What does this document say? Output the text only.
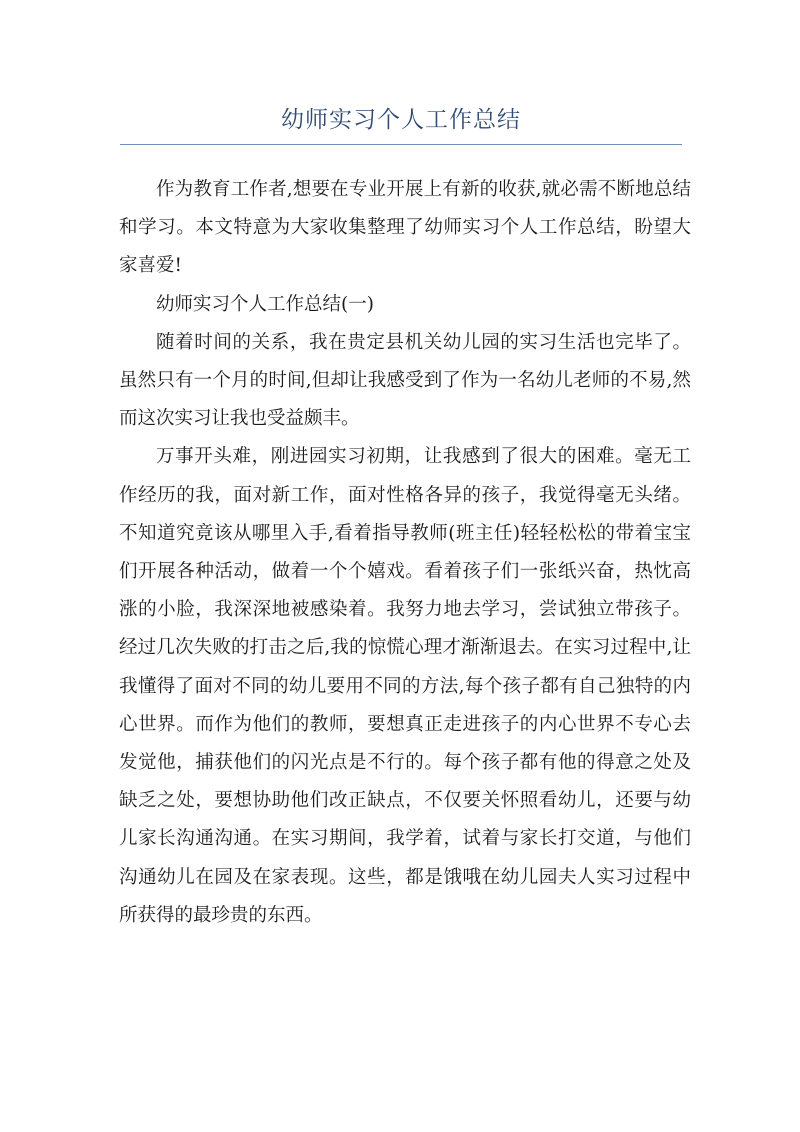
幼师实习个人工作总结

作为教育工作者,想要在专业开展上有新的收获,就必需不断地总结和学习。本文特意为大家收集整理了幼师实习个人工作总结，盼望大家喜爱!

幼师实习个人工作总结(一)

随着时间的关系，我在贵定县机关幼儿园的实习生活也完毕了。虽然只有一个月的时间,但却让我感受到了作为一名幼儿老师的不易,然而这次实习让我也受益颇丰。

万事开头难，刚进园实习初期，让我感到了很大的困难。毫无工作经历的我，面对新工作，面对性格各异的孩子，我觉得毫无头绪。不知道究竟该从哪里入手,看着指导教师(班主任)轻轻松松的带着宝宝们开展各种活动，做着一个个嬉戏。看着孩子们一张纸兴奋，热忱高涨的小脸，我深深地被感染着。我努力地去学习，尝试独立带孩子。经过几次失败的打击之后,我的惊慌心理才渐渐退去。在实习过程中,让我懂得了面对不同的幼儿要用不同的方法,每个孩子都有自己独特的内心世界。而作为他们的教师，要想真正走进孩子的内心世界不专心去发觉他，捕获他们的闪光点是不行的。每个孩子都有他的得意之处及缺乏之处，要想协助他们改正缺点，不仅要关怀照看幼儿，还要与幼儿家长沟通沟通。在实习期间，我学着，试着与家长打交道，与他们沟通幼儿在园及在家表现。这些，都是饿哦在幼儿园夫人实习过程中所获得的最珍贵的东西。
